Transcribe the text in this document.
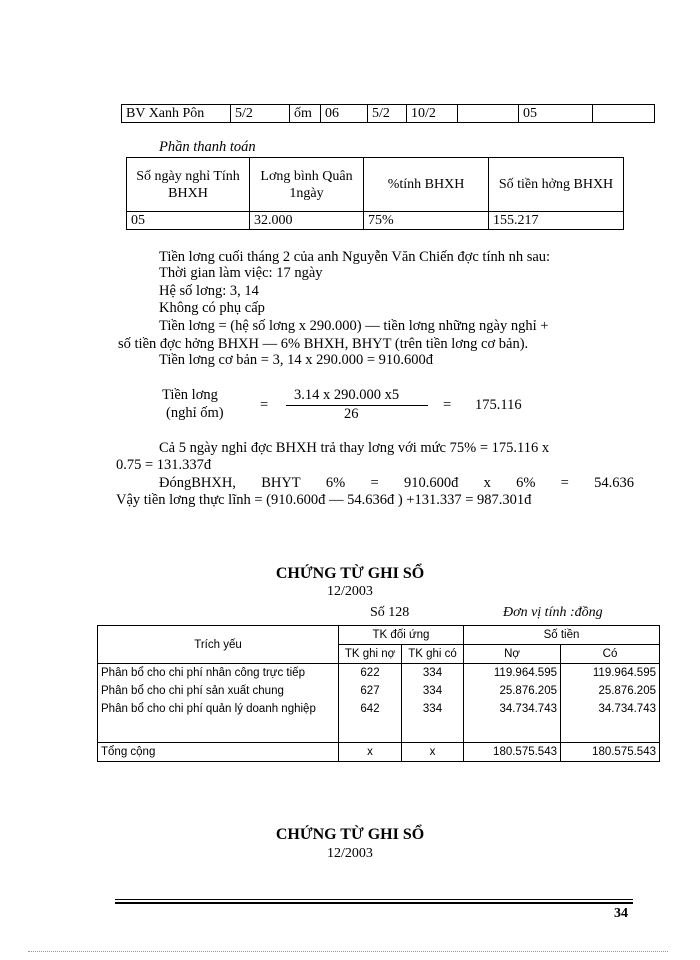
BV Xanh Pôn	5/2	ốm	06	5/2	10/2		05	
Phần thanh toán
Số ngày nghỉ Tính BHXH	Lơng bình Quân 1ngày	%tính BHXH	Số tiền hởng BHXH
05	32.000	75%	155.217
Tiền lơng cuối tháng 2 của anh Nguyễn Văn Chiến đợc tính nh sau:
Thời gian làm việc: 17 ngày
Hệ số lơng: 3, 14
Không có phụ cấp
Tiền lơng = (hệ số lơng x 290.000) — tiền lơng những ngày nghỉ +
số tiền đợc hởng BHXH — 6% BHXH, BHYT (trên tiền lơng cơ bản).
Tiền lơng cơ bản = 3, 14 x 290.000 = 910.600đ
Tiền lơng
(nghỉ ốm)	=
3.14 x 290.000 x5
26
= 175.116
Cả 5 ngày nghỉ đợc BHXH trả thay lơng với mức 75% = 175.116 x
0.75 = 131.337đ
ĐóngBHXH, BHYT 6% = 910.600đ x 6% = 54.636
Vậy tiền lơng thực lĩnh = (910.600đ — 54.636đ ) +131.337 = 987.301đ
CHỨNG TỪ GHI SỔ
12/2003
Số 128	Đơn vị tính :đồng
Trích yếu	TK đối ứng		Số tiền	
	TK ghi nợ	TK ghi có	Nợ	Có
Phân bổ cho chi phí nhân công trực tiếp	622	334	119.964.595	119.964.595
Phân bổ cho chi phí sản xuất chung	627	334	25.876.205	25.876.205
Phân bổ cho chi phí quản lý doanh nghiệp	642	334	34.734.743	34.734.743

Tổng cộng	x	x	180.575.543	180.575.543
CHỨNG TỪ GHI SỔ
12/2003
34
